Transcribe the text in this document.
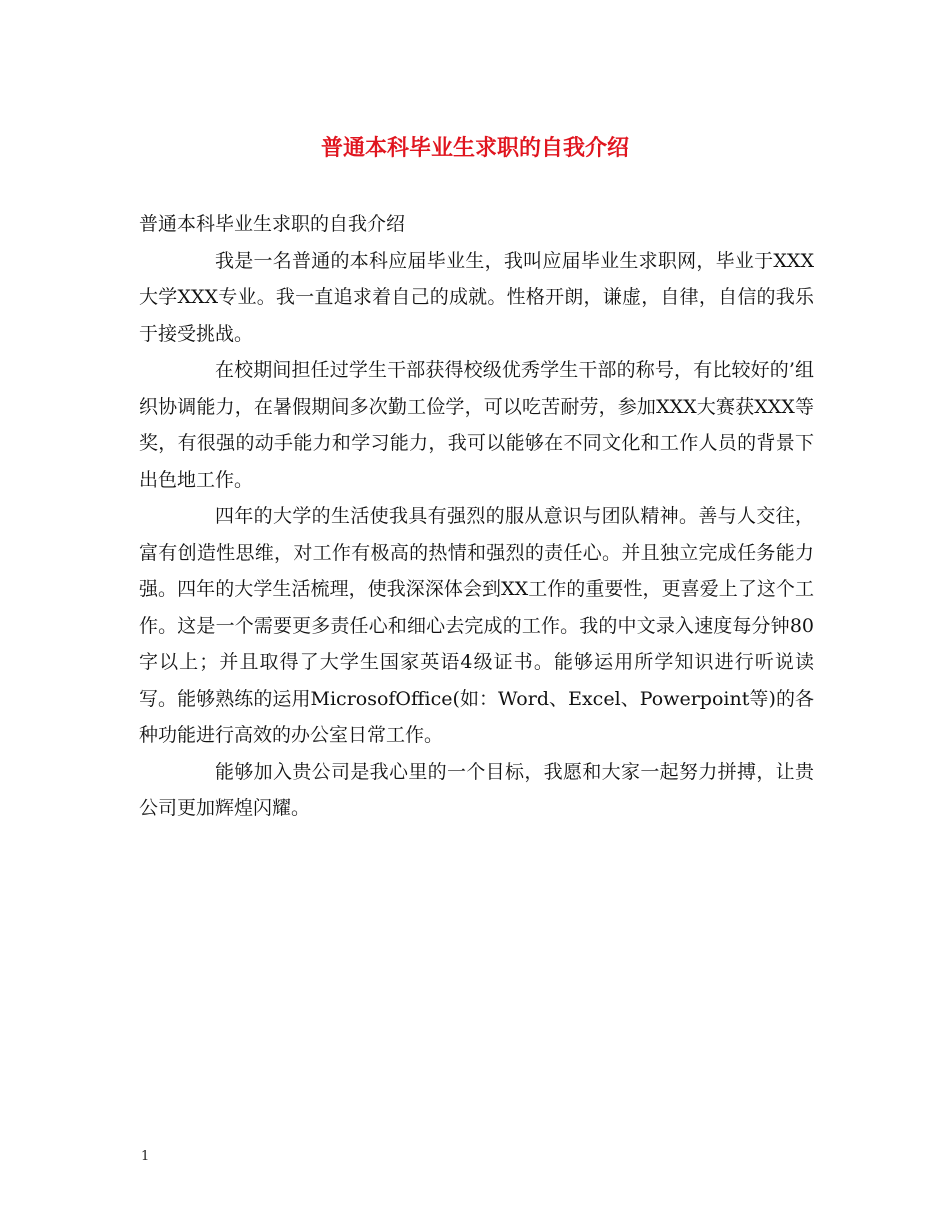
普通本科毕业生求职的自我介绍

普通本科毕业生求职的自我介绍

我是一名普通的本科应届毕业生，我叫应届毕业生求职网，毕业于XXX大学XXX专业。我一直追求着自己的成就。性格开朗，谦虚，自律，自信的我乐于接受挑战。

在校期间担任过学生干部获得校级优秀学生干部的称号，有比较好的’组织协调能力，在暑假期间多次勤工俭学，可以吃苦耐劳，参加XXX大赛获XXX等奖，有很强的动手能力和学习能力，我可以能够在不同文化和工作人员的背景下出色地工作。

四年的大学的生活使我具有强烈的服从意识与团队精神。善与人交往，富有创造性思维，对工作有极高的热情和强烈的责任心。并且独立完成任务能力强。四年的大学生活梳理，使我深深体会到XX工作的重要性，更喜爱上了这个工作。这是一个需要更多责任心和细心去完成的工作。我的中文录入速度每分钟80字以上；并且取得了大学生国家英语4级证书。能够运用所学知识进行听说读写。能够熟练的运用MicrosofOffice(如：Word、Excel、Powerpoint等)的各种功能进行高效的办公室日常工作。

能够加入贵公司是我心里的一个目标，我愿和大家一起努力拼搏，让贵公司更加辉煌闪耀。

1
